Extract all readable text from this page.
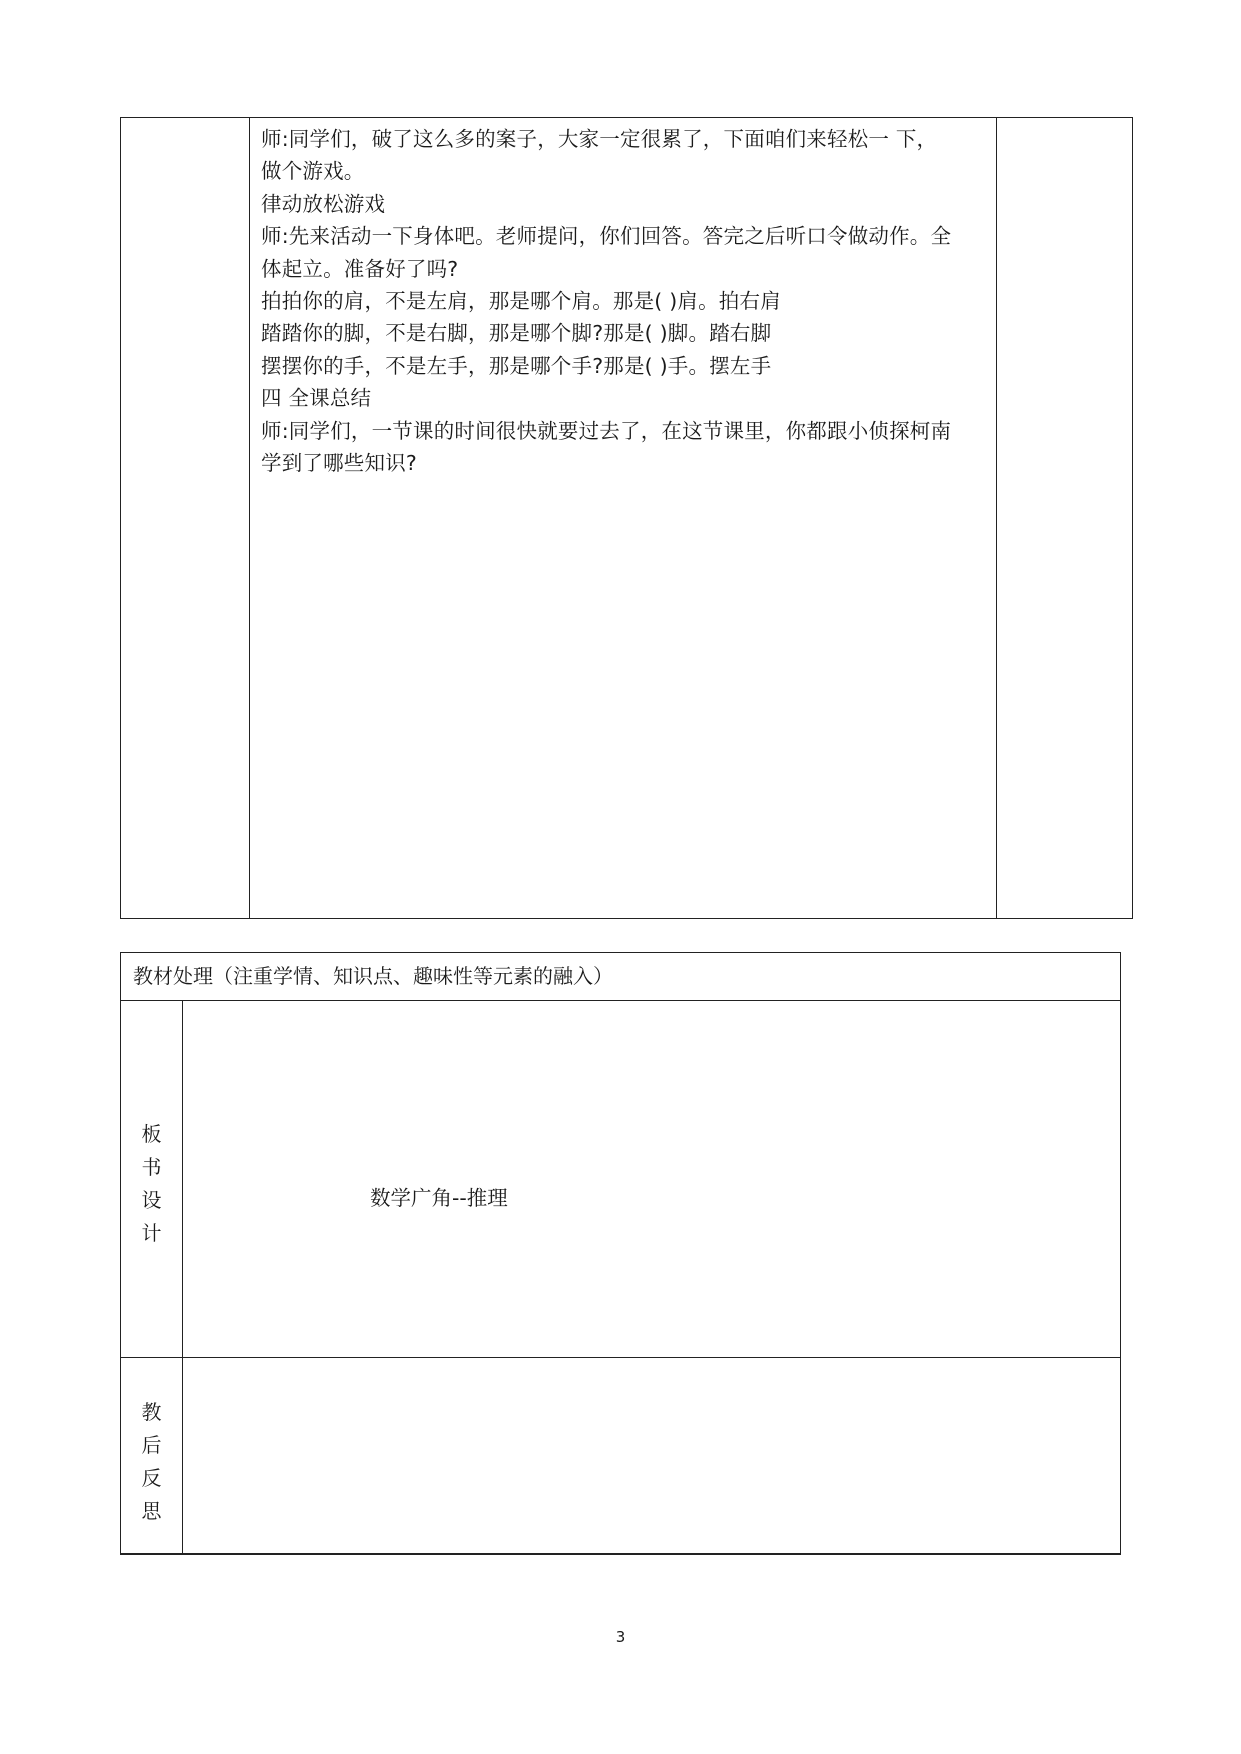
师:同学们，破了这么多的案子，大家一定很累了，下面咱们来轻松一 下，
做个游戏。
律动放松游戏
师:先来活动一下身体吧。老师提问，你们回答。答完之后听口令做动作。全
体起立。准备好了吗?
拍拍你的肩，不是左肩，那是哪个肩。那是( )肩。拍右肩
踏踏你的脚，不是右脚，那是哪个脚?那是( )脚。踏右脚
摆摆你的手，不是左手，那是哪个手?那是( )手。摆左手
四 全课总结
师:同学们，一节课的时间很快就要过去了，在这节课里，你都跟小侦探柯南
学到了哪些知识?
教材处理（注重学情、知识点、趣味性等元素的融入）
板
书
设
计
数学广角--推理
教
后
反
思
3
